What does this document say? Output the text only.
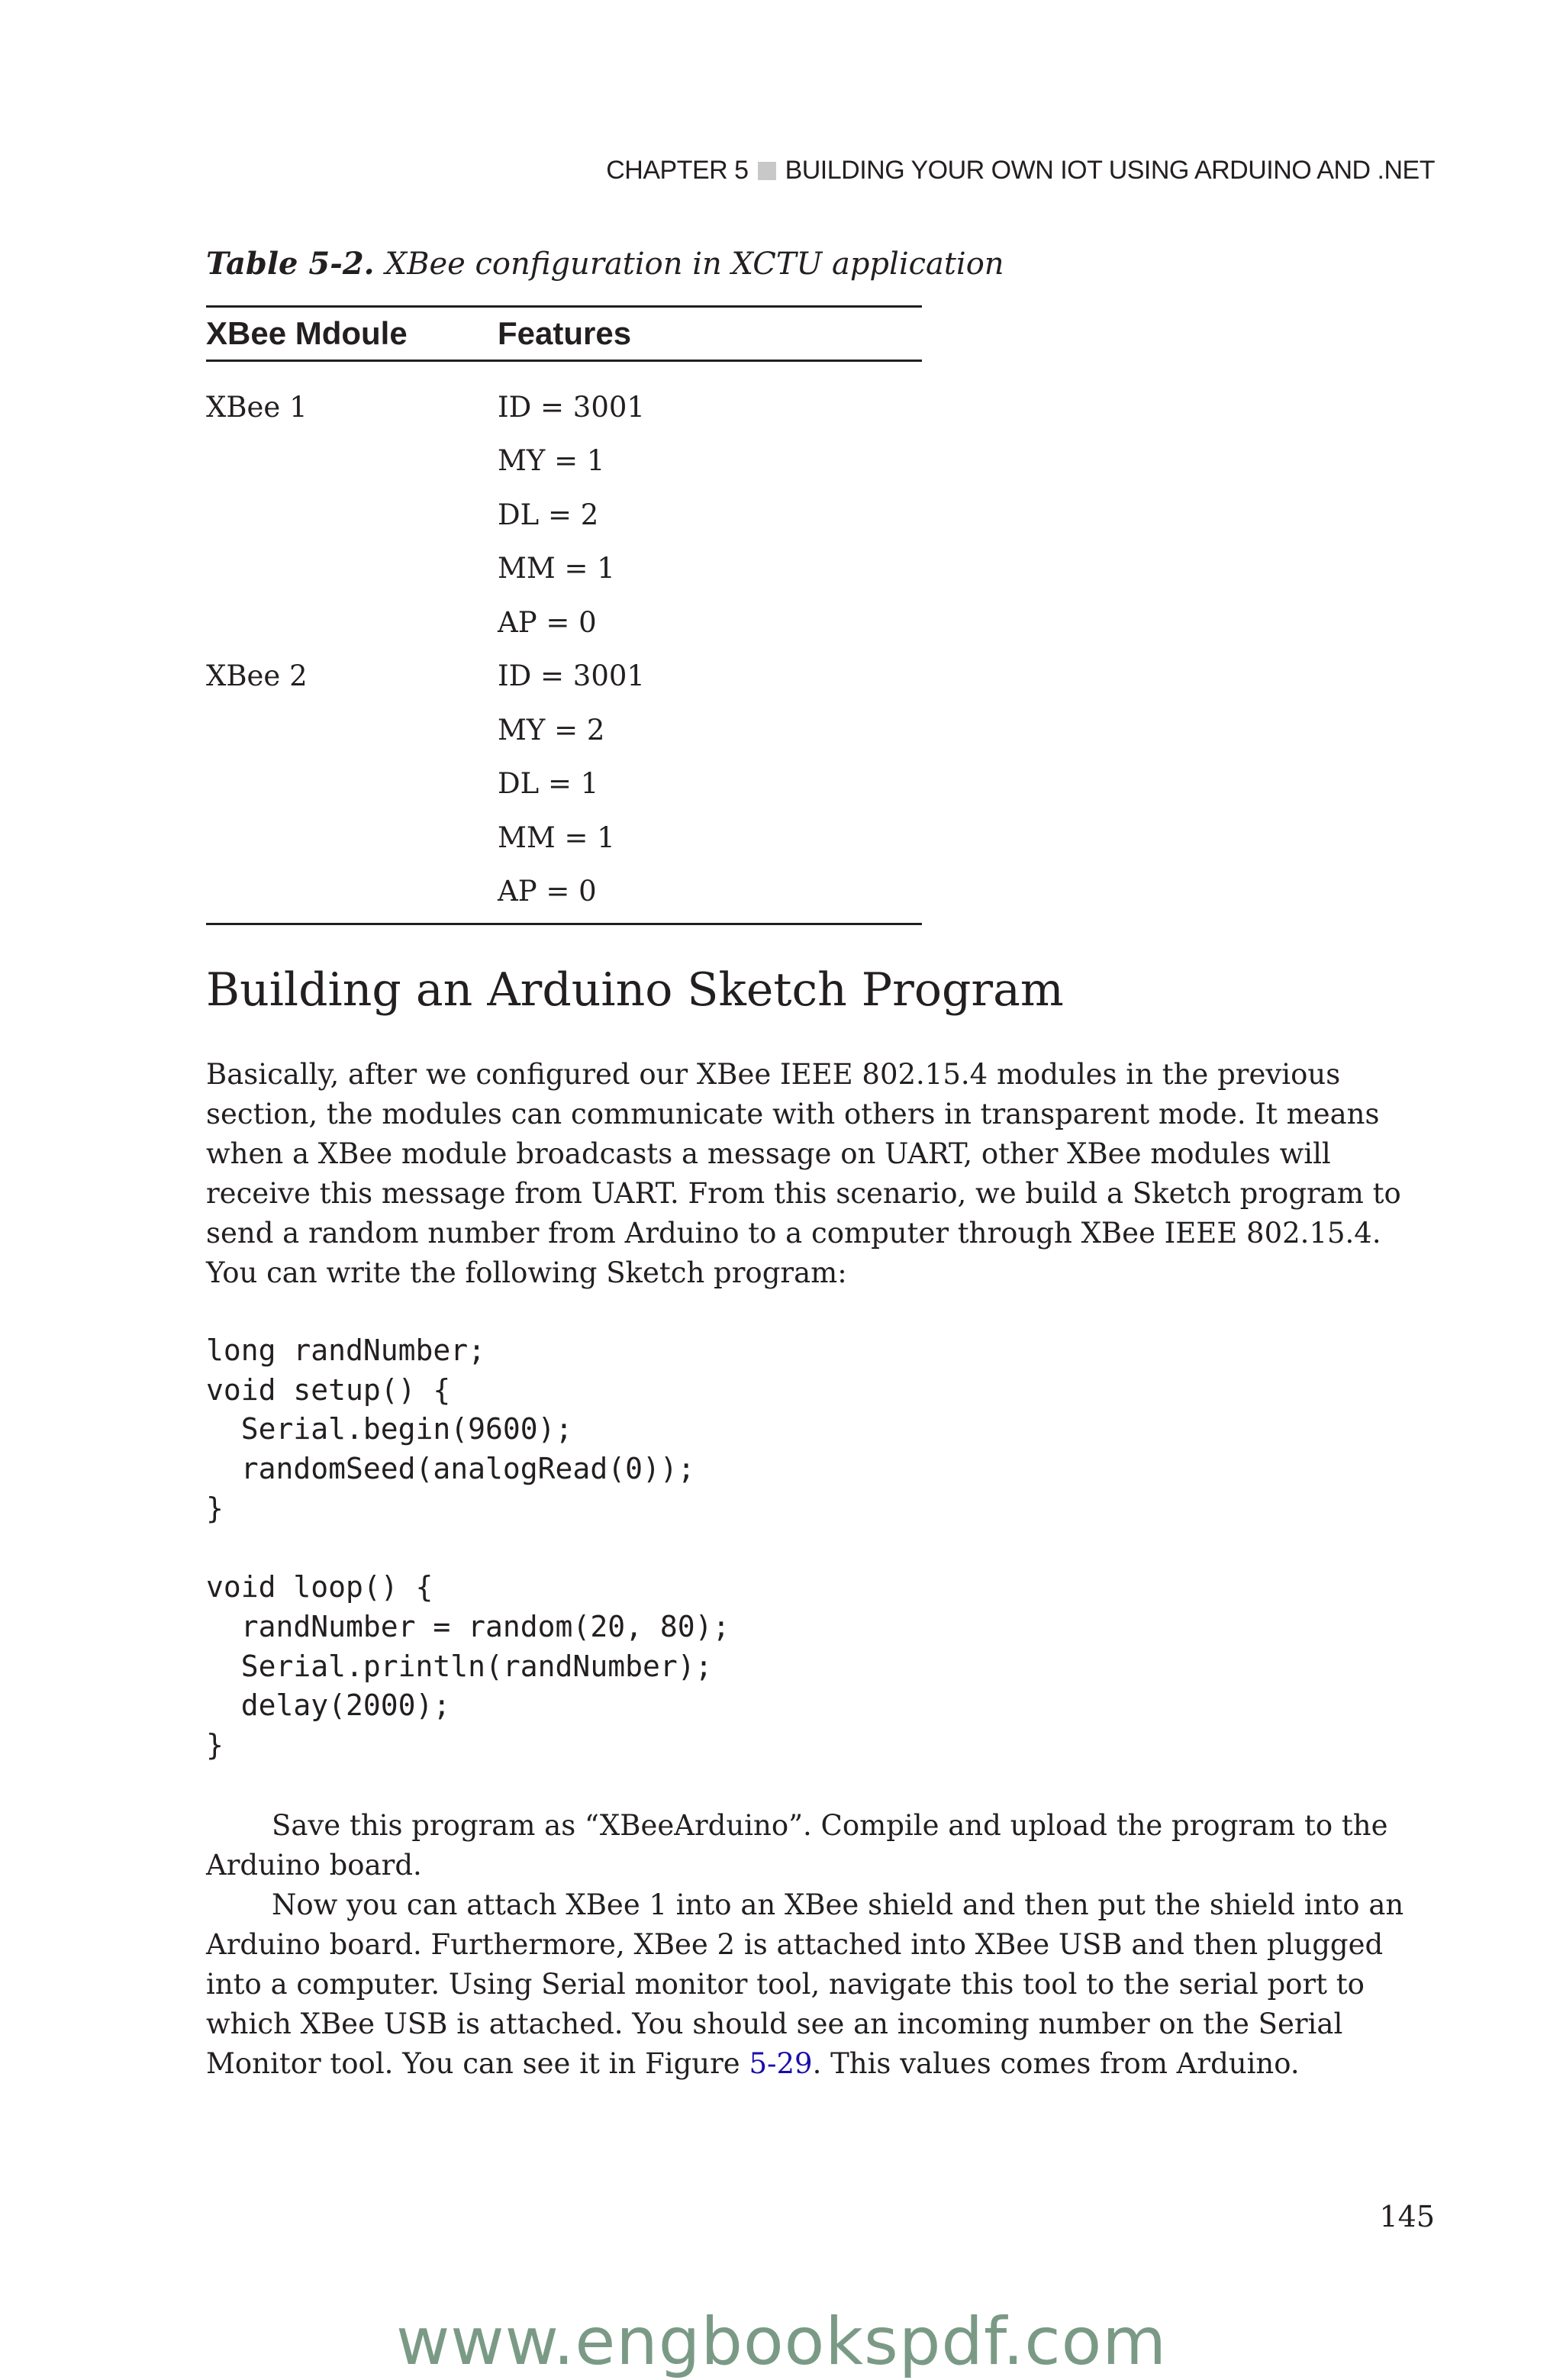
CHAPTER 5 BUILDING YOUR OWN IOT USING ARDUINO AND .NET
Table 5-2. XBee configuration in XCTU application
XBee Mdoule	Features
XBee 1	ID = 3001
	MY = 1
	DL = 2
	MM = 1
	AP = 0
XBee 2	ID = 3001
	MY = 2
	DL = 1
	MM = 1
	AP = 0
Building an Arduino Sketch Program

Basically, after we configured our XBee IEEE 802.15.4 modules in the previous section, the modules can communicate with others in transparent mode. It means when a XBee module broadcasts a message on UART, other XBee modules will receive this message from UART. From this scenario, we build a Sketch program to send a random number from Arduino to a computer through XBee IEEE 802.15.4. You can write the following Sketch program:

long randNumber;
void setup() {
Serial.begin(9600);
randomSeed(analogRead(0));
}

void loop() {
randNumber = random(20, 80);
Serial.println(randNumber);
delay(2000);
}

Save this program as “XBeeArduino”. Compile and upload the program to the Arduino board.

Now you can attach XBee 1 into an XBee shield and then put the shield into an Arduino board. Furthermore, XBee 2 is attached into XBee USB and then plugged into a computer. Using Serial monitor tool, navigate this tool to the serial port to which XBee USB is attached. You should see an incoming number on the Serial Monitor tool. You can see it in Figure 5-29. This values comes from Arduino.

145
www.engbookspdf.com
